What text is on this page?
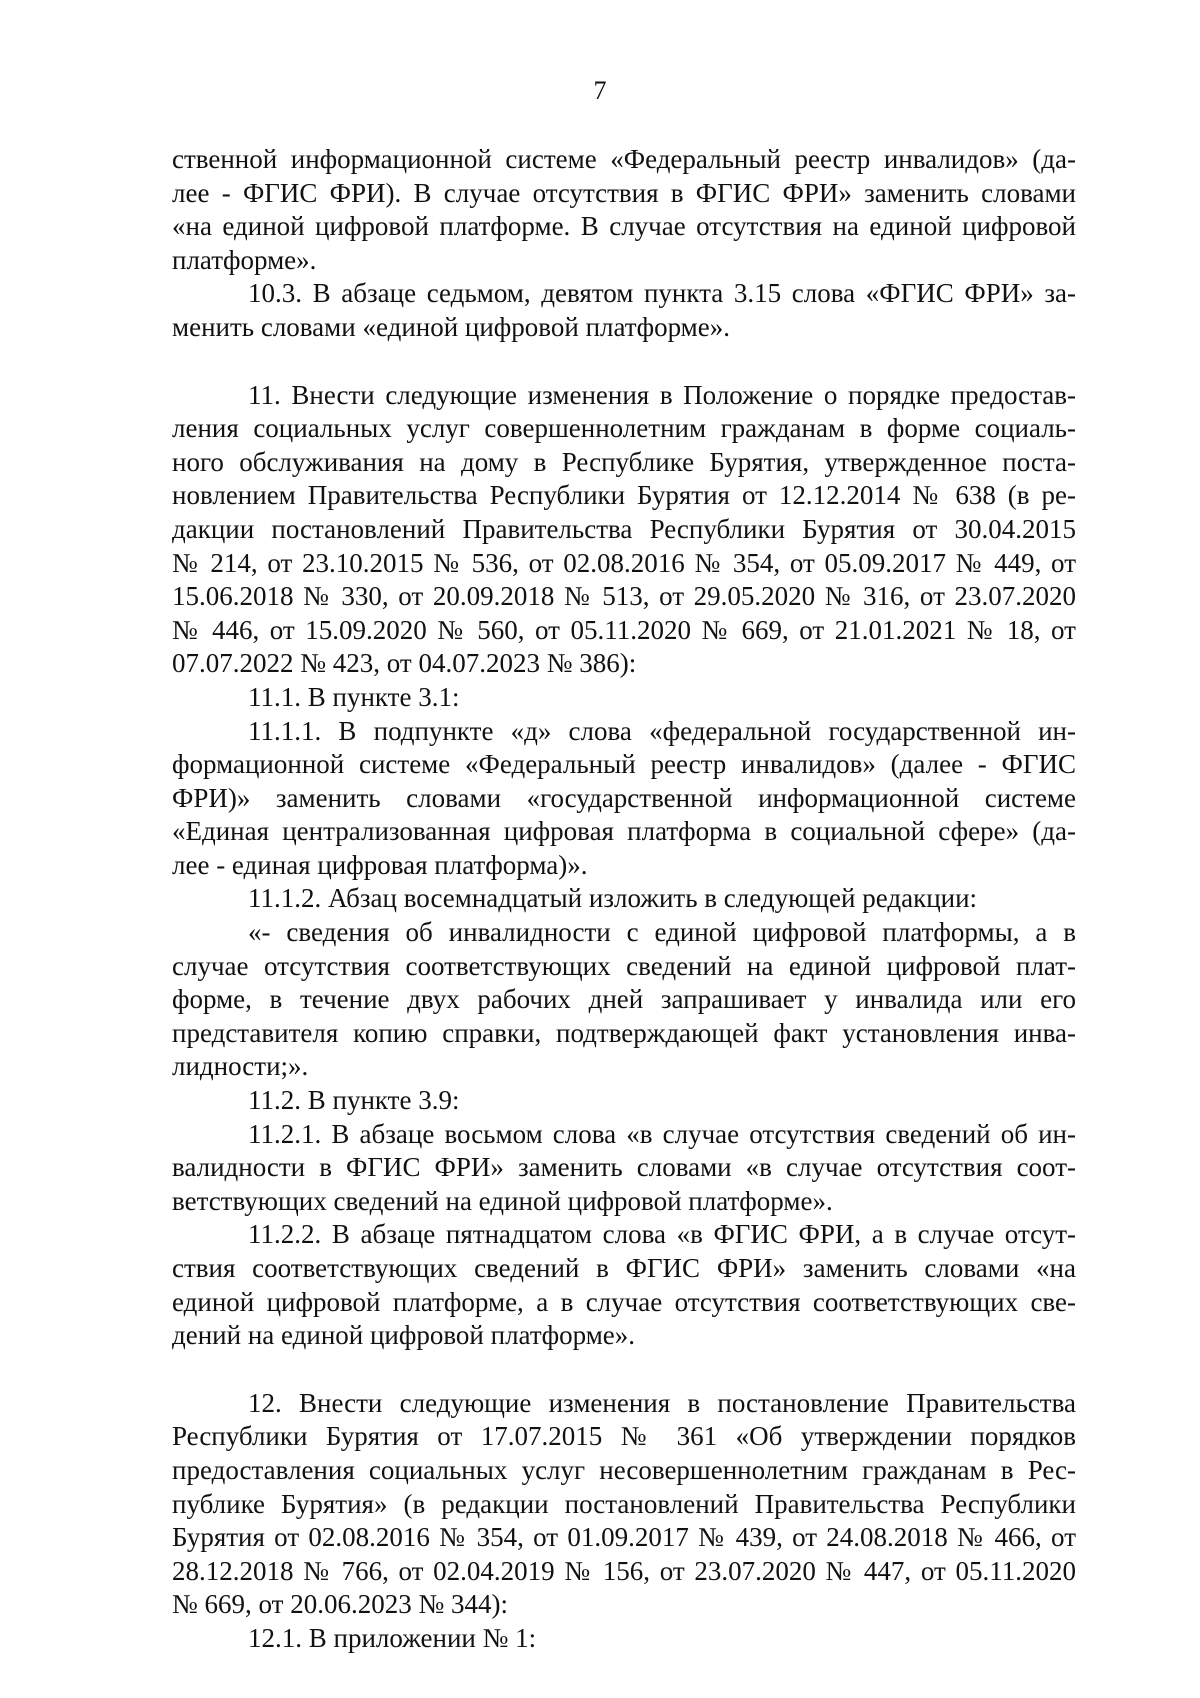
7
ственной информационной системе «Федеральный реестр инвалидов» (да-
лее - ФГИС ФРИ). В случае отсутствия в ФГИС ФРИ» заменить словами
«на единой цифровой платформе. В случае отсутствия на единой цифровой
платформе».
10.3. В абзаце седьмом, девятом пункта 3.15 слова «ФГИС ФРИ» за-
менить словами «единой цифровой платформе».
11. Внести следующие изменения в Положение о порядке предостав-
ления социальных услуг совершеннолетним гражданам в форме социаль-
ного обслуживания на дому в Республике Бурятия, утвержденное поста-
новлением Правительства Республики Бурятия от 12.12.2014 № 638 (в ре-
дакции постановлений Правительства Республики Бурятия от 30.04.2015
№ 214, от 23.10.2015 № 536, от 02.08.2016 № 354, от 05.09.2017 № 449, от
15.06.2018 № 330, от 20.09.2018 № 513, от 29.05.2020 № 316, от 23.07.2020
№ 446, от 15.09.2020 № 560, от 05.11.2020 № 669, от 21.01.2021 № 18, от
07.07.2022 № 423, от 04.07.2023 № 386):
11.1. В пункте 3.1:
11.1.1. В подпункте «д» слова «федеральной государственной ин-
формационной системе «Федеральный реестр инвалидов» (далее - ФГИС
ФРИ)» заменить словами «государственной информационной системе
«Единая централизованная цифровая платформа в социальной сфере» (да-
лее - единая цифровая платформа)».
11.1.2. Абзац восемнадцатый изложить в следующей редакции:
«- сведения об инвалидности с единой цифровой платформы, а в
случае отсутствия соответствующих сведений на единой цифровой плат-
форме, в течение двух рабочих дней запрашивает у инвалида или его
представителя копию справки, подтверждающей факт установления инва-
лидности;».
11.2. В пункте 3.9:
11.2.1. В абзаце восьмом слова «в случае отсутствия сведений об ин-
валидности в ФГИС ФРИ» заменить словами «в случае отсутствия соот-
ветствующих сведений на единой цифровой платформе».
11.2.2. В абзаце пятнадцатом слова «в ФГИС ФРИ, а в случае отсут-
ствия соответствующих сведений в ФГИС ФРИ» заменить словами «на
единой цифровой платформе, а в случае отсутствия соответствующих све-
дений на единой цифровой платформе».
12. Внести следующие изменения в постановление Правительства
Республики Бурятия от 17.07.2015 № 361 «Об утверждении порядков
предоставления социальных услуг несовершеннолетним гражданам в Рес-
публике Бурятия» (в редакции постановлений Правительства Республики
Бурятия от 02.08.2016 № 354, от 01.09.2017 № 439, от 24.08.2018 № 466, от
28.12.2018 № 766, от 02.04.2019 № 156, от 23.07.2020 № 447, от 05.11.2020
№ 669, от 20.06.2023 № 344):
12.1. В приложении № 1:
